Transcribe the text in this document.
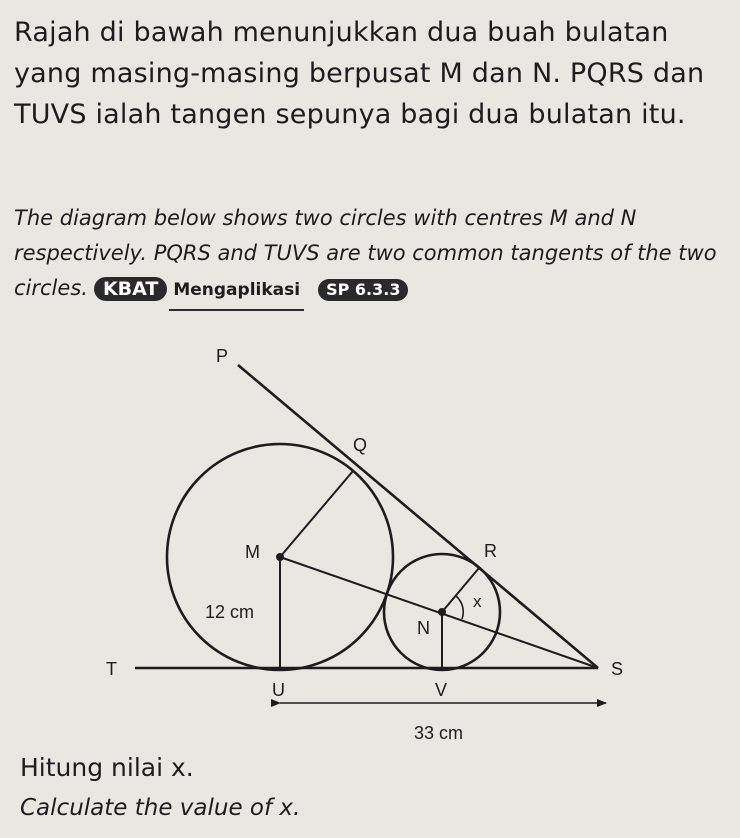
Rajah di bawah menunjukkan dua buah bulatan yang masing-masing berpusat M dan N. PQRS dan TUVS ialah tangen sepunya bagi dua bulatan itu.
The diagram below shows two circles with centres M and N respectively. PQRS and TUVS are two common tangents of the two circles. KBAT Mengaplikasi SP 6.3.3
P
Q
R
S
T
U	V
M
N
x
12 cm
33 cm
Hitung nilai x.
Calculate the value of x.
